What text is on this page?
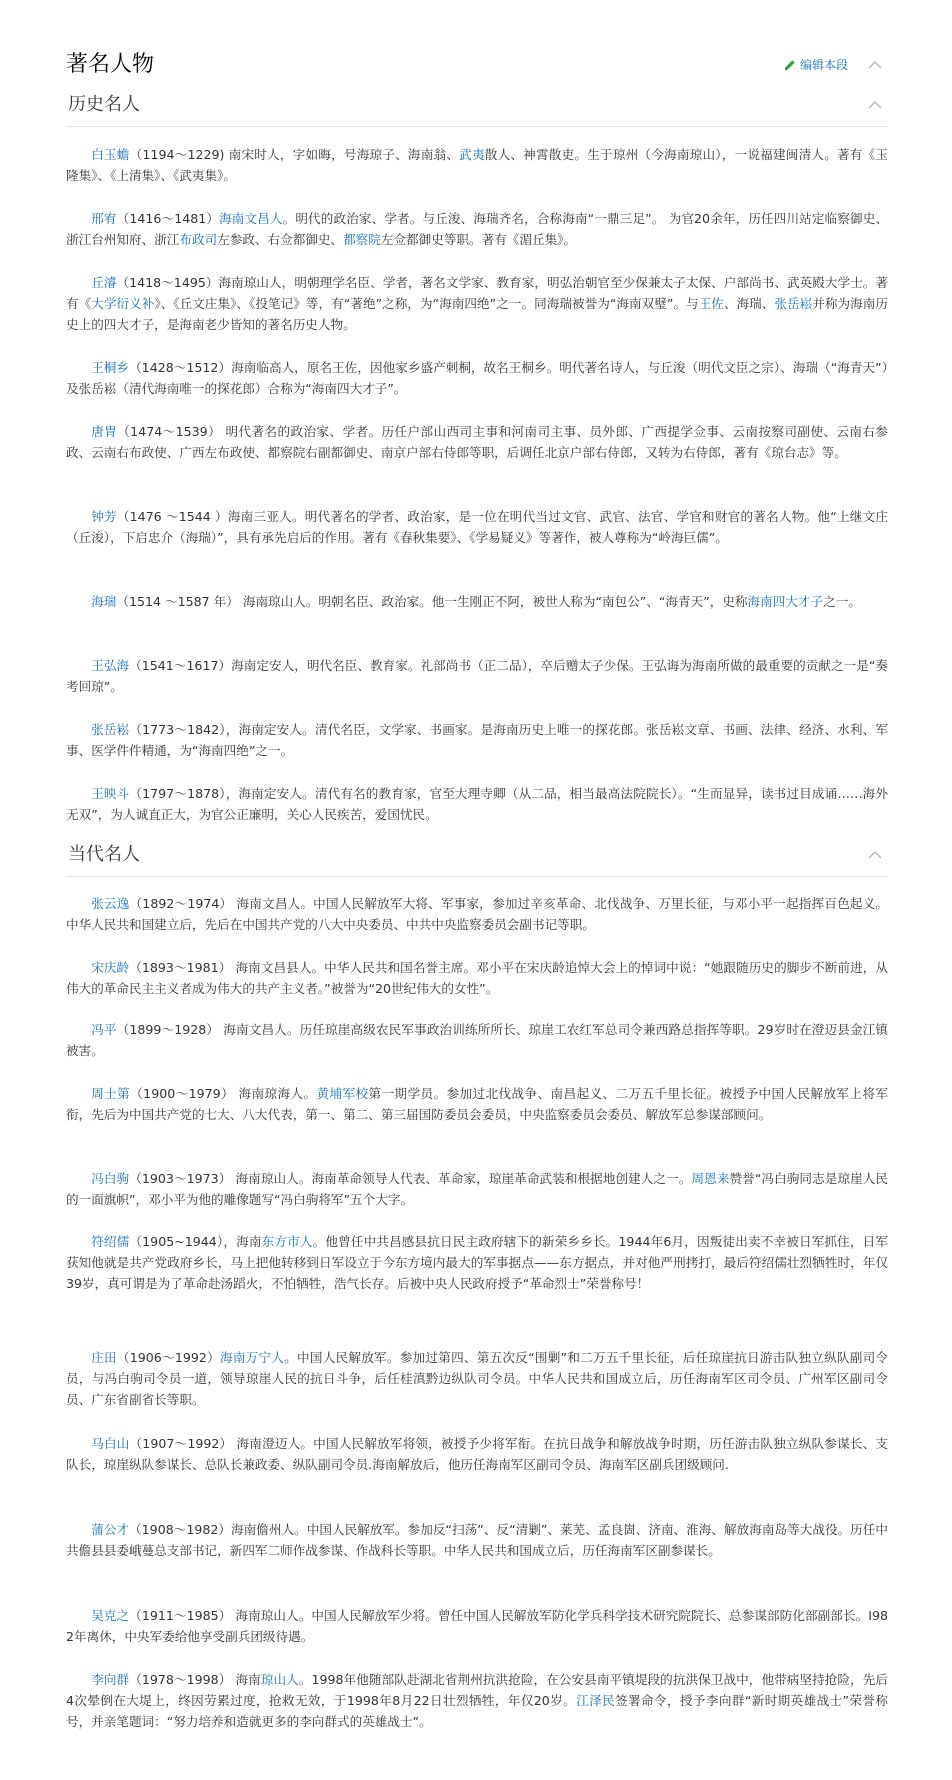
著名人物	编辑本段
历史名人

白玉蟾（1194～1229) 南宋时人，字如晦，号海琼子、海南翁、武夷散人、神霄散吏。生于琼州（今海南琼山），一说福建闽清人。著有《玉隆集》、《上清集》、《武夷集》。

邢宥（1416～1481）海南文昌人。明代的政治家、学者。与丘浚、海瑞齐名，合称海南“一鼎三足”。 为官20余年，历任四川站定临察御史、浙江台州知府、浙江布政司左参政、右佥都御史、都察院左佥都御史等职。著有《湄丘集》。

丘濬（1418～1495）海南琼山人，明朝理学名臣、学者，著名文学家、教育家，明弘治朝官至少保兼太子太保、户部尚书、武英殿大学士。著有《大学衍义补》、《丘文庄集》、《投笔记》等，有“著绝”之称，为“海南四绝”之一。同海瑞被誉为“海南双璧”。与王佐、海瑞、张岳崧并称为海南历史上的四大才子，是海南老少皆知的著名历史人物。

王桐乡（1428～1512）海南临高人，原名王佐，因他家乡盛产刺桐，故名王桐乡。明代著名诗人，与丘浚（明代文臣之宗）、海瑞（“海青天”）及张岳崧（清代海南唯一的探花郎）合称为“海南四大才子”。

唐胄（1474～1539） 明代著名的政治家、学者。历任户部山西司主事和河南司主事、员外郎、广西提学佥事、云南按察司副使、云南右参政、云南右布政使、广西左布政使、都察院右副都御史、南京户部右侍郎等职，后调任北京户部右侍郎，又转为右侍郎，著有《琼台志》等。

钟芳（1476 ～1544 ）海南三亚人。明代著名的学者、政治家，是一位在明代当过文官、武官、法官、学官和财官的著名人物。他“上继文庄（丘浚），下启忠介（海瑞）”，具有承先启后的作用。著有《春秋集要》、《学易疑义》等著作，被人尊称为“岭海巨儒”。

海瑞（1514 ～1587 年） 海南琼山人。明朝名臣、政治家。他一生刚正不阿，被世人称为“南包公”、“海青天”，史称海南四大才子之一。

王弘海（1541～1617）海南定安人，明代名臣、教育家。礼部尚书（正二品），卒后赠太子少保。王弘诲为海南所做的最重要的贡献之一是“奏考回琼”。

张岳崧（1773～1842），海南定安人。清代名臣，文学家、书画家。是海南历史上唯一的探花郎。张岳崧文章、书画、法律、经济、水利、军事、医学件件精通，为“海南四绝”之一。

王映斗（1797～1878），海南定安人。清代有名的教育家，官至大理寺卿（从二品，相当最高法院院长）。“生而显异，读书过目成诵……海外无双”，为人诚直正大，为官公正廉明，关心人民疾苦，爱国忧民。

当代名人

张云逸（1892～1974） 海南文昌人。中国人民解放军大将、军事家，参加过辛亥革命、北伐战争、万里长征，与邓小平一起指挥百色起义。中华人民共和国建立后，先后在中国共产党的八大中央委员、中共中央监察委员会副书记等职。

宋庆龄（1893～1981） 海南文昌县人。中华人民共和国名誉主席。邓小平在宋庆龄追悼大会上的悼词中说：“她跟随历史的脚步不断前进，从伟大的革命民主主义者成为伟大的共产主义者。”被誉为“20世纪伟大的女性”。

冯平（1899～1928） 海南文昌人。历任琼崖高级农民军事政治训练所所长、琼崖工农红军总司令兼西路总指挥等职。29岁时在澄迈县金江镇被害。

周士第（1900～1979） 海南琼海人。黄埔军校第一期学员。参加过北伐战争、南昌起义、二万五千里长征。被授予中国人民解放军上将军衔，先后为中国共产党的七大、八大代表，第一、第二、第三届国防委员会委员，中央监察委员会委员、解放军总参谋部顾问。

冯白驹（1903～1973） 海南琼山人。海南革命领导人代表、革命家，琼崖革命武装和根据地创建人之一。周恩来赞誉“冯白驹同志是琼崖人民的一面旗帜”，邓小平为他的雕像题写“冯白驹将军”五个大字。

符绍儒（1905~1944），海南东方市人。他曾任中共昌感县抗日民主政府辖下的新荣乡乡长。1944年6月，因叛徒出卖不幸被日军抓住，日军获知他就是共产党政府乡长，马上把他转移到日军设立于今东方境内最大的军事据点——东方据点，并对他严刑拷打，最后符绍儒壮烈牺牲时，年仅39岁，真可谓是为了革命赴汤蹈火，不怕牺牲，浩气长存。后被中央人民政府授予“革命烈士”荣誉称号！

庄田（1906～1992）海南万宁人。中国人民解放军。参加过第四、第五次反“围剿”和二万五千里长征，后任琼崖抗日游击队独立纵队副司令员，与冯白驹司令员一道，领导琼崖人民的抗日斗争，后任桂滇黔边纵队司令员。中华人民共和国成立后，历任海南军区司令员、广州军区副司令员、广东省副省长等职。

马白山（1907～1992） 海南澄迈人。中国人民解放军将领，被授予少将军衔。在抗日战争和解放战争时期，历任游击队独立纵队参谋长、支队长，琼崖纵队参谋长、总队长兼政委、纵队副司令员.海南解放后，他历任海南军区副司令员、海南军区副兵团级顾问.

蒲公才（1908～1982）海南儋州人。中国人民解放军。参加反“扫荡”、反“清剿”、莱芜、孟良崮、济南、淮海、解放海南岛等大战役。历任中共儋县县委峨蔓总支部书记，新四军二师作战参谋、作战科长等职。中华人民共和国成立后，历任海南军区副参谋长。

吴克之（1911～1985） 海南琼山人。中国人民解放军少将。曾任中国人民解放军防化学兵科学技术研究院院长、总参谋部防化部副部长。I982年离休，中央军委给他享受副兵团级待遇。

李向群（1978～1998） 海南琼山人。1998年他随部队赴湖北省荆州抗洪抢险，在公安县南平镇堤段的抗洪保卫战中，他带病坚持抢险，先后4次晕倒在大堤上，终因劳累过度，抢救无效，于1998年8月22日壮烈牺牲，年仅20岁。江泽民签署命令，授予李向群“新时期英雄战士”荣誉称号，并亲笔题词：“努力培养和造就更多的李向群式的英雄战士”。
